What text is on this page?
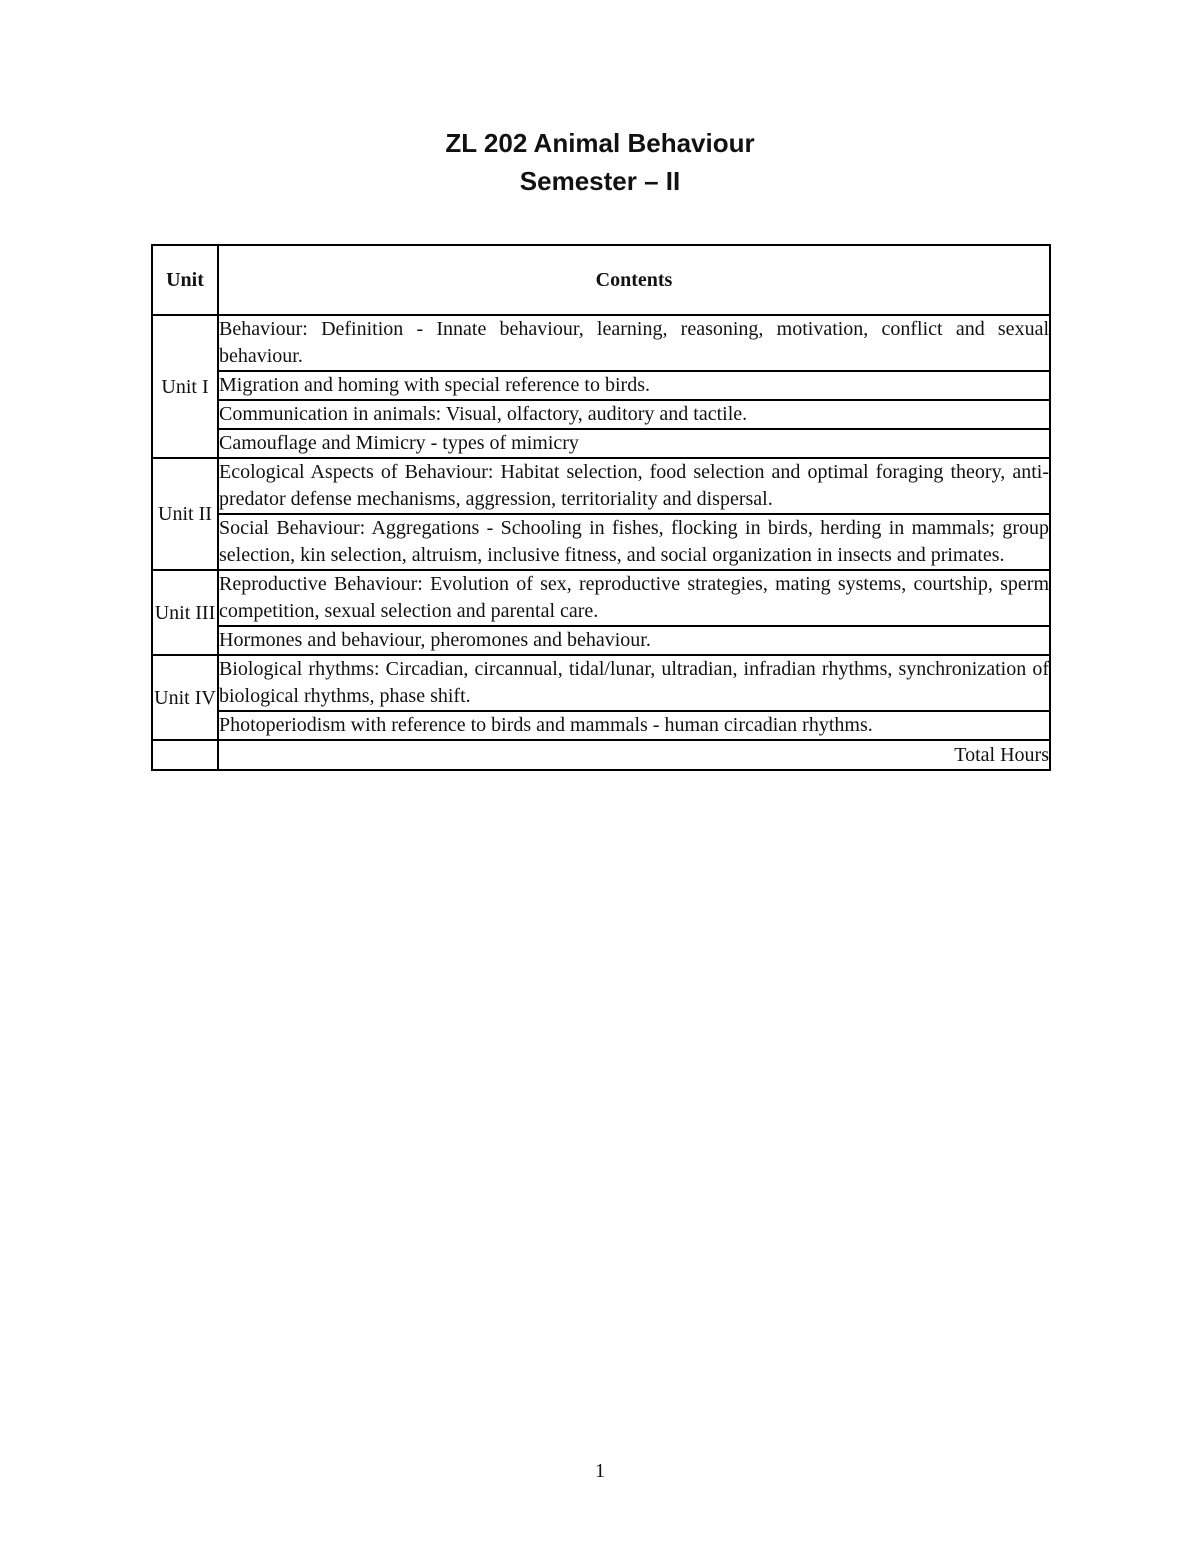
ZL 202 Animal Behaviour
Semester – II
Unit	Contents
Unit I	Behaviour: Definition - Innate behaviour, learning, reasoning, motivation, conflict and sexual behaviour.
	Migration and homing with special reference to birds.
	Communication in animals: Visual, olfactory, auditory and tactile.
	Camouflage and Mimicry - types of mimicry
Unit II	Ecological Aspects of Behaviour: Habitat selection, food selection and optimal foraging theory, anti-predator defense mechanisms, aggression, territoriality and dispersal.
	Social Behaviour: Aggregations - Schooling in fishes, flocking in birds, herding in mammals; group selection, kin selection, altruism, inclusive fitness, and social organization in insects and primates.
Unit III	Reproductive Behaviour: Evolution of sex, reproductive strategies, mating systems, courtship, sperm competition, sexual selection and parental care.
	Hormones and behaviour, pheromones and behaviour.
Unit IV	Biological rhythms: Circadian, circannual, tidal/lunar, ultradian, infradian rhythms, synchronization of biological rhythms, phase shift.
	Photoperiodism with reference to birds and mammals - human circadian rhythms.
	Total Hours
1
